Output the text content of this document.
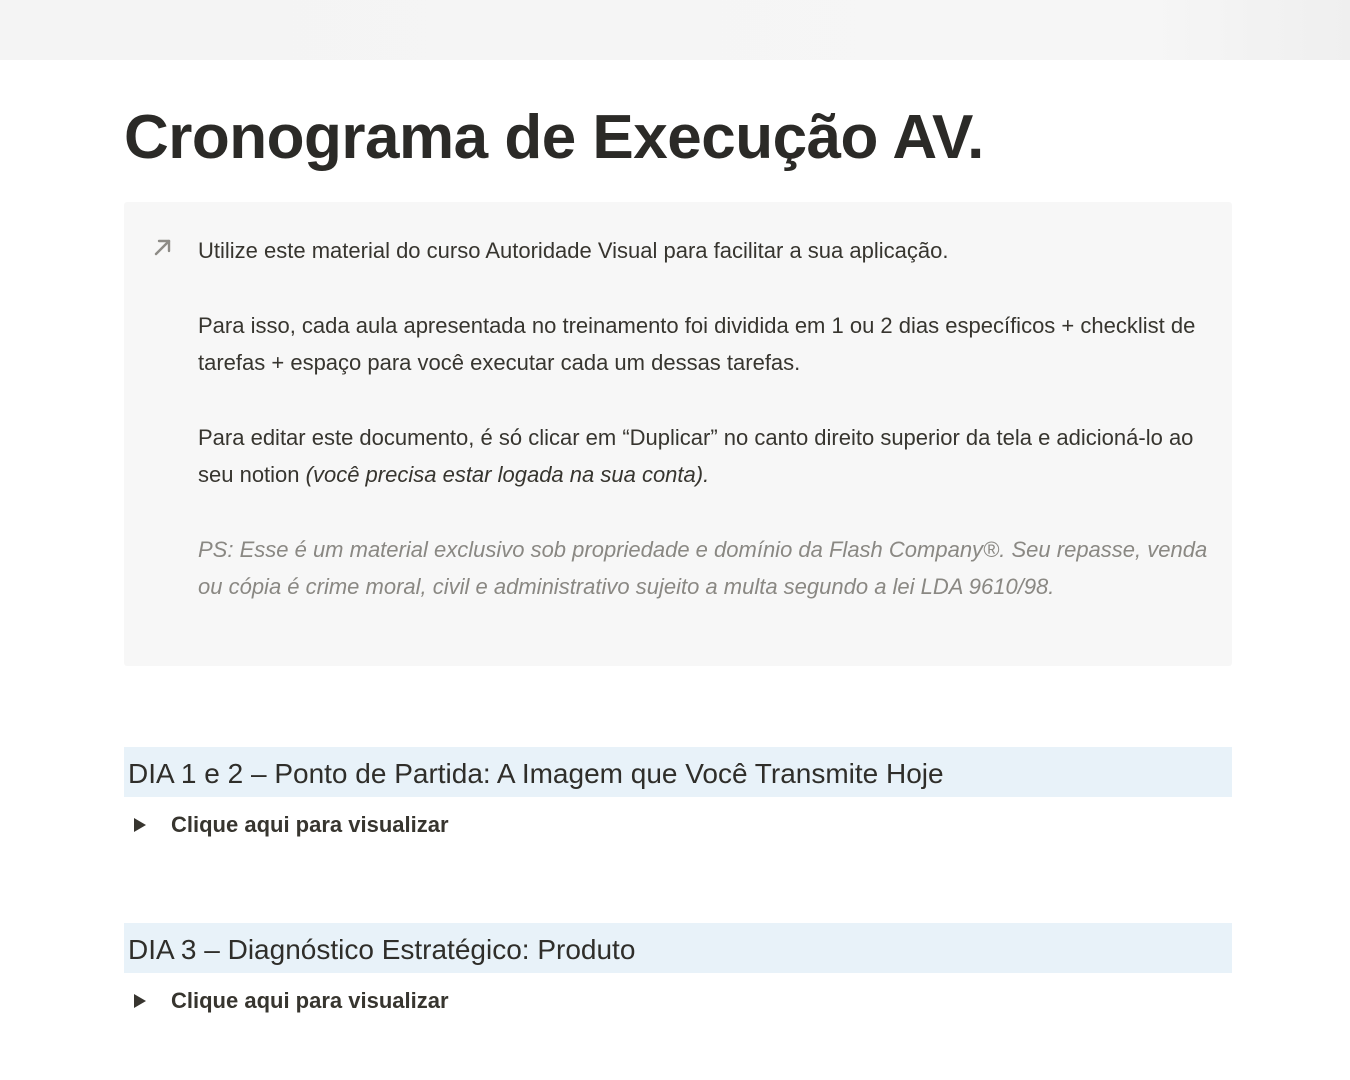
Cronograma de Execução AV.

Utilize este material do curso Autoridade Visual para facilitar a sua aplicação.

Para isso, cada aula apresentada no treinamento foi dividida em 1 ou 2 dias específicos + checklist de tarefas + espaço para você executar cada um dessas tarefas.

Para editar este documento, é só clicar em “Duplicar” no canto direito superior da tela e adicioná-lo ao seu notion (você precisa estar logada na sua conta).

PS: Esse é um material exclusivo sob propriedade e domínio da Flash Company®. Seu repasse, venda ou cópia é crime moral, civil e administrativo sujeito a multa segundo a lei LDA 9610/98.

DIA 1 e 2 – Ponto de Partida: A Imagem que Você Transmite Hoje
Clique aqui para visualizar
DIA 3 – Diagnóstico Estratégico: Produto
Clique aqui para visualizar
